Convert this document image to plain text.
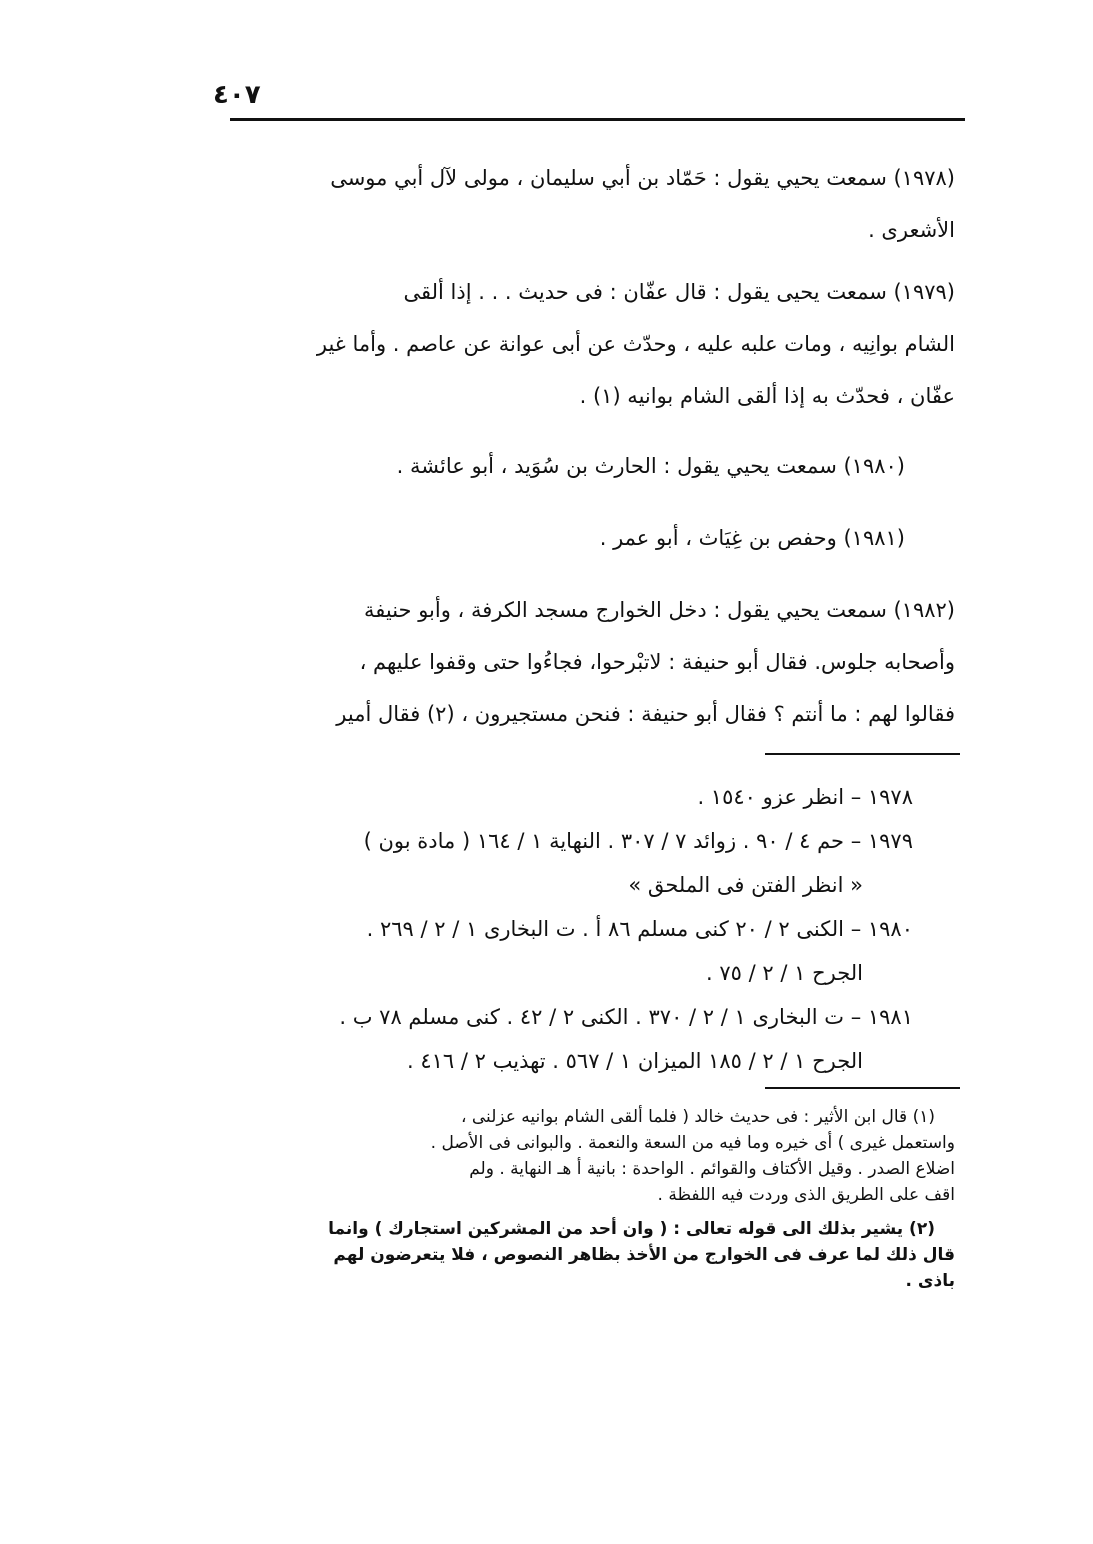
٤٠٧

(١٩٧٨) سمعت يحيي يقول : حَمّاد بن أبي سليمان ، مولى لآل أبي موسى

الأشعرى .

(١٩٧٩) سمعت يحيى يقول : قال عفّان : فى حديث . . . إذا ألقى

الشام بوانِيه ، ومات علبه عليه ، وحدّث عن أبى عوانة عن عاصم . وأما غير

عفّان ، فحدّث به إذا ألقى الشام بوانيه (١) .

(١٩٨٠) سمعت يحيي يقول : الحارث بن سُوَيد ، أبو عائشة .

(١٩٨١) وحفص بن غِيَاث ، أبو عمر .

(١٩٨٢) سمعت يحيي يقول : دخل الخوارج مسجد الكرفة ، وأبو حنيفة

وأصحابه جلوس. فقال أبو حنيفة : لاتبْرحوا، فجاءُوا حتى وقفوا عليهم ،

فقالوا لهم : ما أنتم ؟ فقال أبو حنيفة : فنحن مستجيرون ، (٢) فقال أمير

١٩٧٨ – انظر عزو ١٥٤٠ .

١٩٧٩ – حم ٤ / ٩٠ . زوائد ٧ / ٣٠٧ . النهاية ١ / ١٦٤ ( مادة بون )

« انظر الفتن فى الملحق »

١٩٨٠ – الكنى ٢ / ٢٠ كنى مسلم ٨٦ أ . ت البخارى ١ / ٢ / ٢٦٩ .

الجرح ١ / ٢ / ٧٥ .

١٩٨١ – ت البخارى ١ / ٢ / ٣٧٠ . الكنى ٢ / ٤٢ . كنى مسلم ٧٨ ب .

الجرح ١ / ٢ / ١٨٥ الميزان ١ / ٥٦٧ . تهذيب ٢ / ٤١٦ .

(١) قال ابن الأثير : فى حديث خالد ( فلما ألقى الشام بوانيه عزلنى ،

واستعمل غيرى ) أى خيره وما فيه من السعة والنعمة . والبوانى فى الأصل .

اضلاع الصدر . وقيل الأكتاف والقوائم . الواحدة : بانية أ هـ النهاية . ولم

اقف على الطريق الذى وردت فيه اللفظة .

(٢) يشير بذلك الى قوله تعالى : ( وان أحد من المشركين استجارك ) وانما

قال ذلك لما عرف فى الخوارج من الأخذ بظاهر النصوص ، فلا يتعرضون لهم

باذى .
